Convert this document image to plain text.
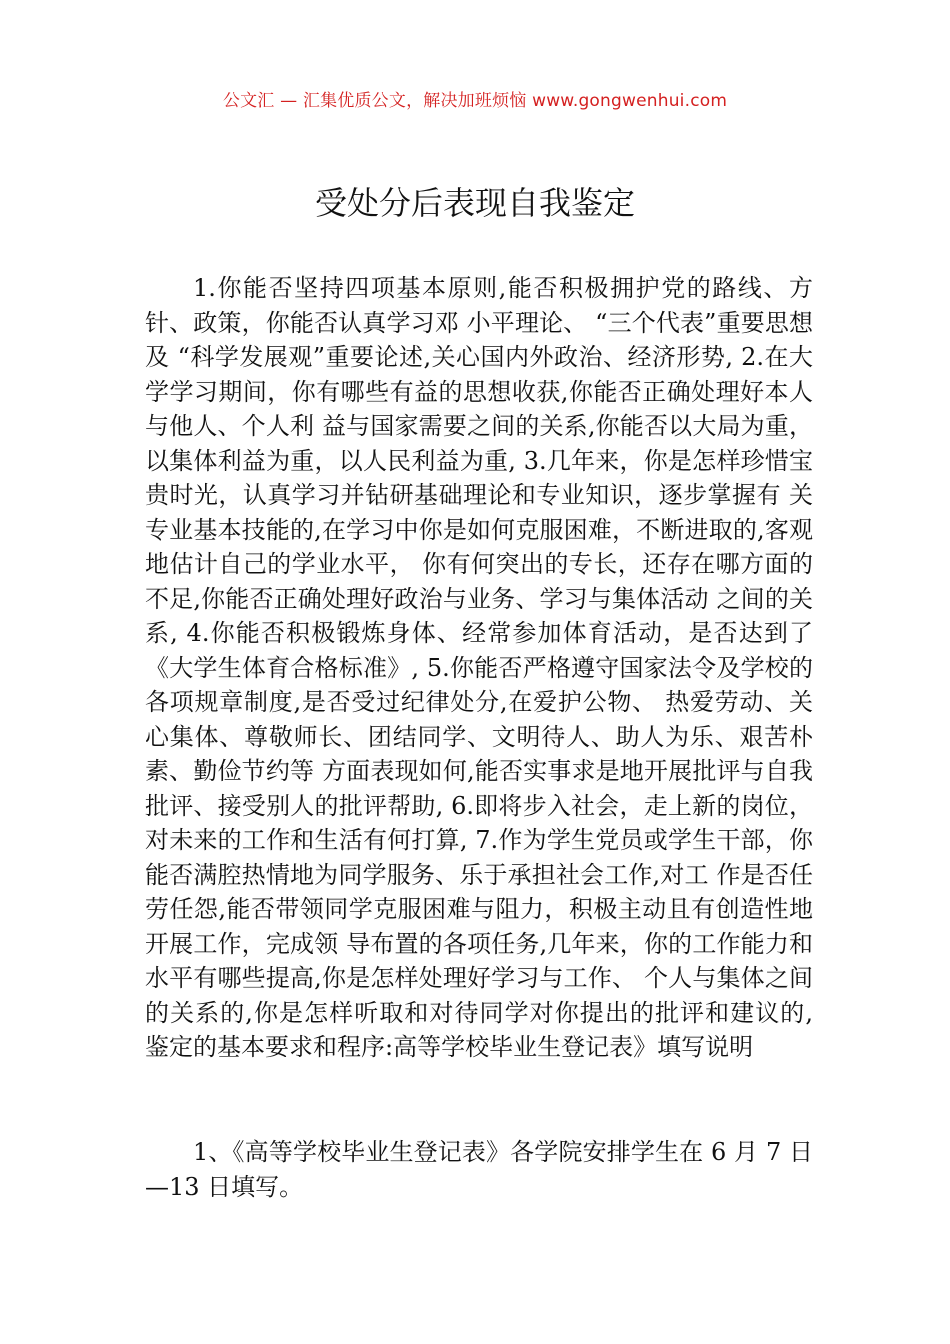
公文汇 — 汇集优质公文，解决加班烦恼 www.gongwenhui.com
受处分后表现自我鉴定

1.你能否坚持四项基本原则,能否积极拥护党的路线、方针、政策，你能否认真学习邓 小平理论、 “三个代表”重要思想及 “科学发展观”重要论述,关心国内外政治、经济形势, 2.在大学学习期间，你有哪些有益的思想收获,你能否正确处理好本人与他人、个人利 益与国家需要之间的关系,你能否以大局为重，以集体利益为重，以人民利益为重, 3.几年来，你是怎样珍惜宝贵时光，认真学习并钻研基础理论和专业知识，逐步掌握有 关专业基本技能的,在学习中你是如何克服困难，不断进取的,客观地估计自己的学业水平， 你有何突出的专长，还存在哪方面的不足,你能否正确处理好政治与业务、学习与集体活动 之间的关系, 4.你能否积极锻炼身体、经常参加体育活动，是否达到了《大学生体育合格标准》, 5.你能否严格遵守国家法令及学校的各项规章制度,是否受过纪律处分,在爱护公物、 热爱劳动、关心集体、尊敬师长、团结同学、文明待人、助人为乐、艰苦朴素、勤俭节约等 方面表现如何,能否实事求是地开展批评与自我批评、接受别人的批评帮助, 6.即将步入社会，走上新的岗位，对未来的工作和生活有何打算, 7.作为学生党员或学生干部，你能否满腔热情地为同学服务、乐于承担社会工作,对工 作是否任劳任怨,能否带领同学克服困难与阻力，积极主动且有创造性地开展工作，完成领 导布置的各项任务,几年来，你的工作能力和水平有哪些提高,你是怎样处理好学习与工作、 个人与集体之间的关系的,你是怎样听取和对待同学对你提出的批评和建议的, 鉴定的基本要求和程序:高等学校毕业生登记表》填写说明

1、《高等学校毕业生登记表》各学院安排学生在 6 月 7 日—13 日填写。
